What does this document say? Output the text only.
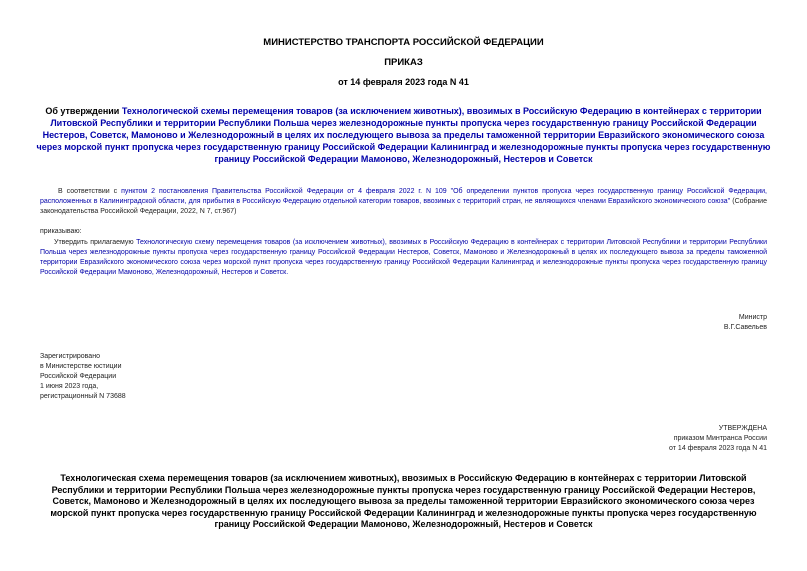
МИНИСТЕРСТВО ТРАНСПОРТА РОССИЙСКОЙ ФЕДЕРАЦИИ
ПРИКАЗ
от 14 февраля 2023 года N 41
Об утверждении Технологической схемы перемещения товаров (за исключением животных), ввозимых в Российскую Федерацию в контейнерах с территории Литовской Республики и территории Республики Польша через железнодорожные пункты пропуска через государственную границу Российской Федерации Нестеров, Советск, Мамоново и Железнодорожный в целях их последующего вывоза за пределы таможенной территории Евразийского экономического союза через морской пункт пропуска через государственную границу Российской Федерации Калининград и железнодорожные пункты пропуска через государственную границу Российской Федерации Мамоново, Железнодорожный, Нестеров и Советск
В соответствии с пунктом 2 постановления Правительства Российской Федерации от 4 февраля 2022 г. N 109 "Об определении пунктов пропуска через государственную границу Российской Федерации, расположенных в Калининградской области, для прибытия в Российскую Федерацию отдельной категории товаров, ввозимых с территорий стран, не являющихся членами Евразийского экономического союза" (Собрание законодательства Российской Федерации, 2022, N 7, ст.967)
приказываю:
Утвердить прилагаемую Технологическую схему перемещения товаров (за исключением животных), ввозимых в Российскую Федерацию в контейнерах с территории Литовской Республики и территории Республики Польша через железнодорожные пункты пропуска через государственную границу Российской Федерации Нестеров, Советск, Мамоново и Железнодорожный в целях их последующего вывоза за пределы таможенной территории Евразийского экономического союза через морской пункт пропуска через государственную границу Российской Федерации Калининград и железнодорожные пункты пропуска через государственную границу Российской Федерации Мамоново, Железнодорожный, Нестеров и Советск.
Министр
В.Г.Савельев
Зарегистрировано
в Министерстве юстиции
Российской Федерации
1 июня 2023 года,
регистрационный N 73688
УТВЕРЖДЕНА
приказом Минтранса России
от 14 февраля 2023 года N 41
Технологическая схема перемещения товаров (за исключением животных), ввозимых в Российскую Федерацию в контейнерах с территории Литовской Республики и территории Республики Польша через железнодорожные пункты пропуска через государственную границу Российской Федерации Нестеров, Советск, Мамоново и Железнодорожный в целях их последующего вывоза за пределы таможенной территории Евразийского экономического союза через морской пункт пропуска через государственную границу Российской Федерации Калининград и железнодорожные пункты пропуска через государственную границу Российской Федерации Мамоново, Железнодорожный, Нестеров и Советск
